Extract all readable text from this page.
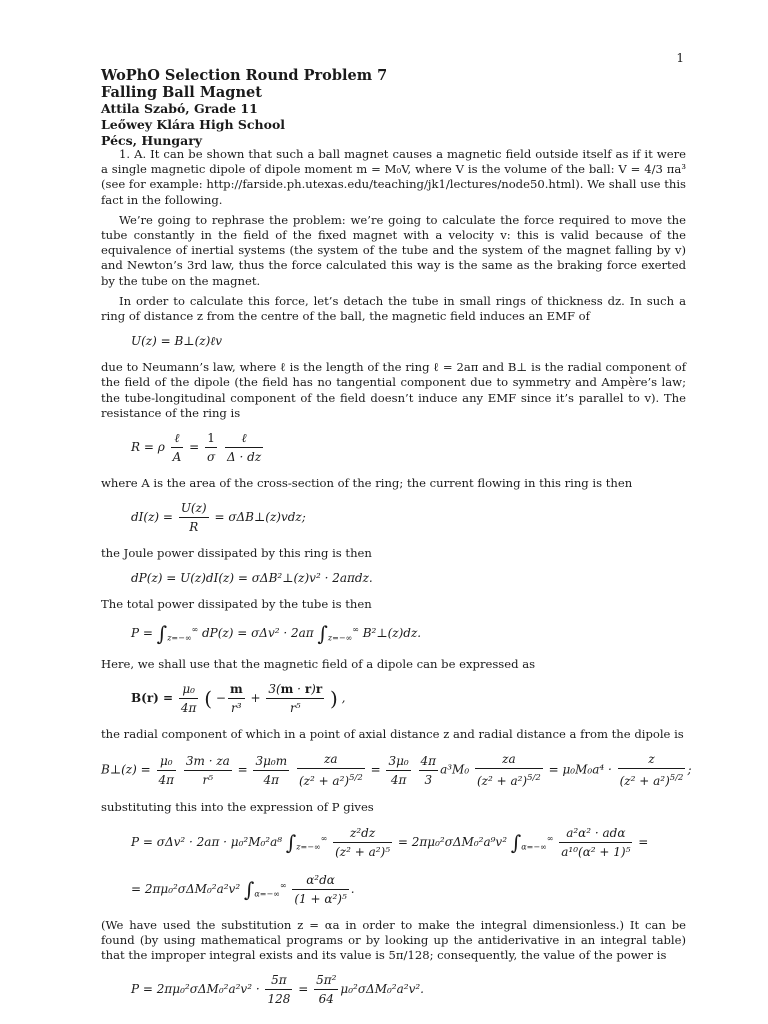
1
WoPhO Selection Round Problem 7
Falling Ball Magnet
Attila Szabó, Grade 11
Leőwey Klára High School
Pécs, Hungary

1. A. It can be shown that such a ball magnet causes a magnetic field outside itself as if it were a single magnetic dipole of dipole moment m = M₀V, where V is the volume of the ball: V = 4/3 πa³ (see for example: http://farside.ph.utexas.edu/teaching/jk1/lectures/node50.html). We shall use this fact in the following.

We’re going to rephrase the problem: we’re going to calculate the force required to move the tube constantly in the field of the fixed magnet with a velocity v: this is valid because of the equivalence of inertial systems (the system of the tube and the system of the magnet falling by v) and Newton’s 3rd law, thus the force calculated this way is the same as the braking force exerted by the tube on the magnet.

In order to calculate this force, let’s detach the tube in small rings of thickness dz. In such a ring of distance z from the centre of the ball, the magnetic field induces an EMF of

U(z) = B⊥(z)ℓv

due to Neumann’s law, where ℓ is the length of the ring ℓ = 2aπ and B⊥ is the radial component of the field of the dipole (the field has no tangential component due to symmetry and Ampère’s law; the tube-longitudinal component of the field doesn’t induce any EMF since it’s parallel to v). The resistance of the ring is

R = ρ $\frac{\text{ℓ}}{A} = \frac{1}{\sigma}$
$\frac{\text{ℓ}}{\Delta \cdot dz}$

where A is the area of the cross-section of the ring; the current flowing in this ring is then

$dI(z) = \frac{U(z)}{R}$ = σΔB⊥(z)vdz;

the Joule power dissipated by this ring is then

dP(z) = U(z)dI(z) = σΔB²⊥(z)v² · 2aπdz.

The total power dissipated by the tube is then

$P = \int_{z=-\infty}^\infty$ dP(z) = σΔv² · 2aπ $\int_{z=-\infty}^\infty$ B²⊥(z)dz.

Here, we shall use that the magnetic field of a dipole can be expressed as

$B(r) = \frac{\text{μ₀}}{4\pi}$ ( − $\frac{m}{\text{r³}} + \frac{3(m \cdot r)r}{\text{r⁵}}$ ) ,

the radial component of which in a point of axial distance z and radial distance a from the dipole is

B⊥(z) = $\frac{\text{μ₀}}{4\pi}$
$\frac{3m \cdot za}{\text{r⁵}} = \frac{\text{3μ₀m}}{4\pi}$
$\frac{za}{(z^2 + a^2)^{5/2}} = \frac{\text{3μ₀}}{4\pi}$
$\frac{4\pi}{3} a^3M_0 \frac{za}{(z^2 + a^2)^{5/2}} = \mu_0M_0a^4 \cdot \frac{z}{(z^2 + a^2)^{5/2}}$ ;

substituting this into the expression of P gives

P = σΔv² · 2aπ · μ₀²M₀²a⁸ $\int_{z=-\infty}^\infty \frac{\text{z²dz}}{\text{(z² + a²)⁵}} = 2\pi\mu_0^2\sigma\Delta M_0^2a^9v^2$ $\int_{\alpha=-\infty}^\infty \frac{\text{a²α² · adα}}{\text{a¹⁰(α² + 1)⁵}}$ =
= 2πμ₀²σΔM₀²a²v² $\int_{\alpha=-\infty}^\infty \frac{\text{α²dα}}{\text{(1 + α²)⁵}}$ .

(We have used the substitution z = αa in order to make the integral dimensionless.) It can be found (by using mathematical programs or by looking up the antiderivative in an integral table) that the improper integral exists and its value is 5π/128; consequently, the value of the power is

$P = 2\pi\mu_0^2\sigma\Delta M_0^2a^2v^2 \cdot \frac{5\pi}{128} = \frac{\text{5π²}}{64} \mu_0^2\sigma\Delta M_0^2a^2v^2$.
